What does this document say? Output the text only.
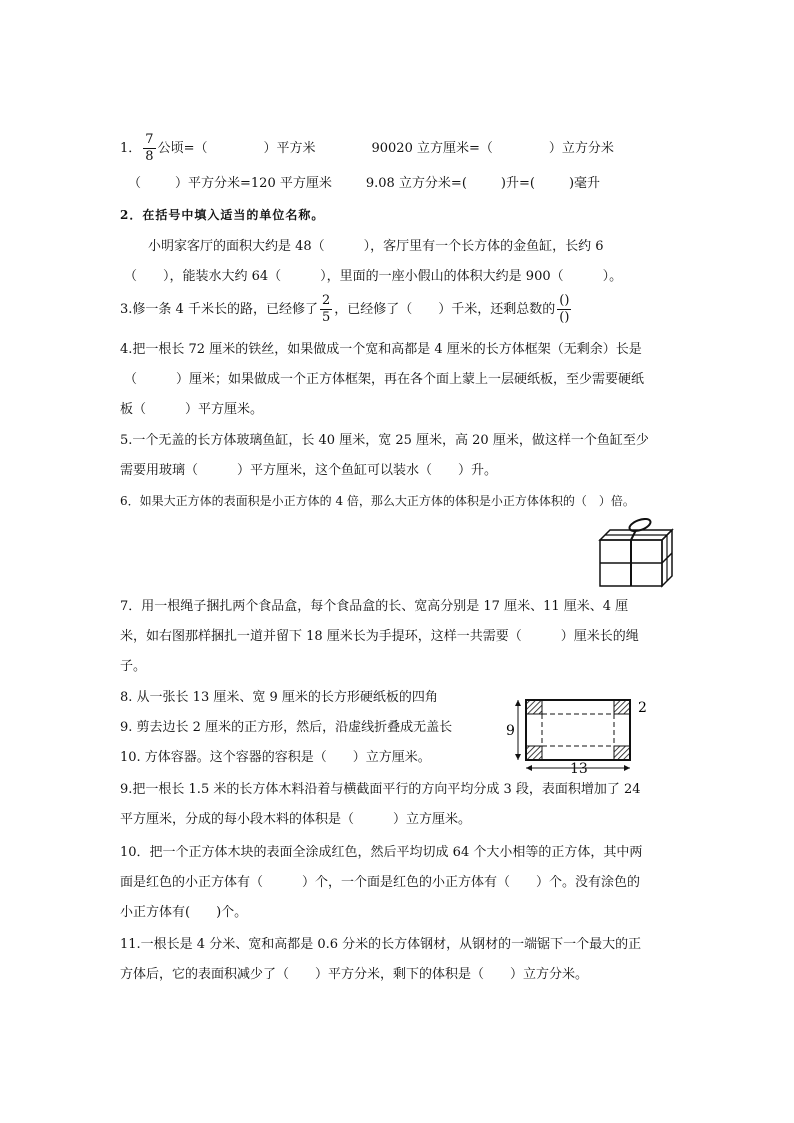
1． $\frac{7}{8}$ 公顷=（	）平方米	90020 立方厘米=（	）立方分米
（	）平方分米=120 平方厘米	9.08 立方分米=(	)升=(	)毫升
2．在括号中填入适当的单位名称。
小明家客厅的面积大约是 48（　　　），客厅里有一个长方体的金鱼缸，长约 6
（　　），能装水大约 64（　　　），里面的一座小假山的体积大约是 900（　　　）。
3.修一条 4 千米长的路，已经修了 $\frac{2}{5}$ ，已经修了（　　）千米，还剩总数的 $\frac{()}{()}$
4.把一根长 72 厘米的铁丝，如果做成一个宽和高都是 4 厘米的长方体框架（无剩余）长是
（　　　）厘米；如果做成一个正方体框架，再在各个面上蒙上一层硬纸板，至少需要硬纸
板（　　　）平方厘米。
5.一个无盖的长方体玻璃鱼缸，长 40 厘米，宽 25 厘米，高 20 厘米，做这样一个鱼缸至少
需要用玻璃（　　　）平方厘米，这个鱼缸可以装水（　　）升。
6．如果大正方体的表面积是小正方体的 4 倍，那么大正方体的体积是小正方体体积的（　）倍。
7．用一根绳子捆扎两个食品盒，每个食品盒的长、宽高分别是 17 厘米、11 厘米、4 厘
米，如右图那样捆扎一道并留下 18 厘米长为手提环，这样一共需要（　　　）厘米长的绳
子。
8. 从一张长 13 厘米、宽 9 厘米的长方形硬纸板的四角
9. 剪去边长 2 厘米的正方形，然后，沿虚线折叠成无盖长
10. 方体容器。这个容器的容积是（　　）立方厘米。
9
13
2
9.把一根长 1.5 米的长方体木料沿着与横截面平行的方向平均分成 3 段，表面积增加了 24
平方厘米，分成的每小段木料的体积是（　　　）立方厘米。
10．把一个正方体木块的表面全涂成红色，然后平均切成 64 个大小相等的正方体，其中两
面是红色的小正方体有（　　　）个，一个面是红色的小正方体有（　　）个。没有涂色的
小正方体有(　　)个。
11.一根长是 4 分米、宽和高都是 0.6 分米的长方体钢材，从钢材的一端锯下一个最大的正
方体后，它的表面积减少了（　　）平方分米，剩下的体积是（　　）立方分米。
